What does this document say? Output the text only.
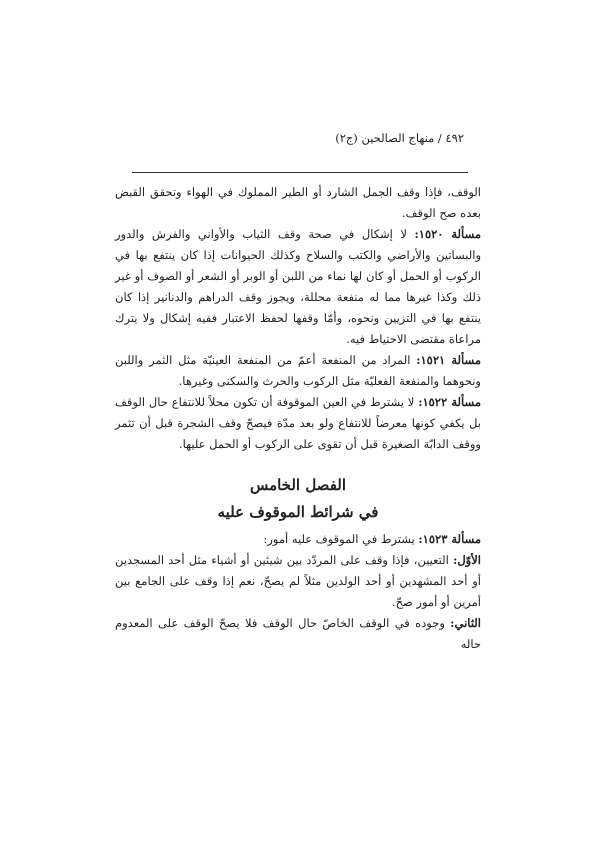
٤٩٢ / منهاج الصالحين (ج٢)

الوقف، فإذا وقف الجمل الشارد أو الطير المملوك في الهواء وتحقق القبض بعده صح الوقف.

مسألة ١٥٢٠: لا إشكال في صحة وقف الثياب والأواني والفرش والدور والبساتين والأراضي والكتب والسلاح وكذلك الحيوانات إذا كان ينتفع بها في الركوب أو الحمل أو كان لها نماء من اللبن أو الوبر أو الشعر أو الصوف أو غير ذلك وكذا غيرها مما له منفعة محللة، ويجوز وقف الدراهم والدنانير إذا كان ينتفع بها في التزيين ونحوه، وأمّا وقفها لحفظ الاعتبار ففيه إشكال ولا يترك مراعاة مقتضى الاحتياط فيه.

مسألة ١٥٢١: المراد من المنفعة أعمّ من المنفعة العينيّة مثل الثمر واللبن ونحوهما والمنفعة الفعليّة مثل الركوب والحرث والسكنى وغيرها.

مسألة ١٥٢٢: لا يشترط في العين الموقوفة أن تكون محلاً للانتفاع حال الوقف بل يكفي كونها معرضاً للانتفاع ولو بعد مدّة فيصحّ وقف الشجرة قبل أن تثمر ووقف الدابّة الصغيرة قبل أن تقوى على الركوب أو الحمل عليها.

الفصل الخامس
في شرائط الموقوف عليه

مسألة ١٥٢٣: يشترط في الموقوف عليه أمور:

الأوّل: التعيين، فإذا وقف على المردّد بين شيئين أو أشياء مثل أحد المسجدين أو أحد المشهدين أو أحد الولدين مثلاً لم يصحّ، نعم إذا وقف على الجامع بين أمرين أو أمور صحّ.

الثاني: وجوده في الوقف الخاصّ حال الوقف فلا يصحّ الوقف على المعدوم حاله
